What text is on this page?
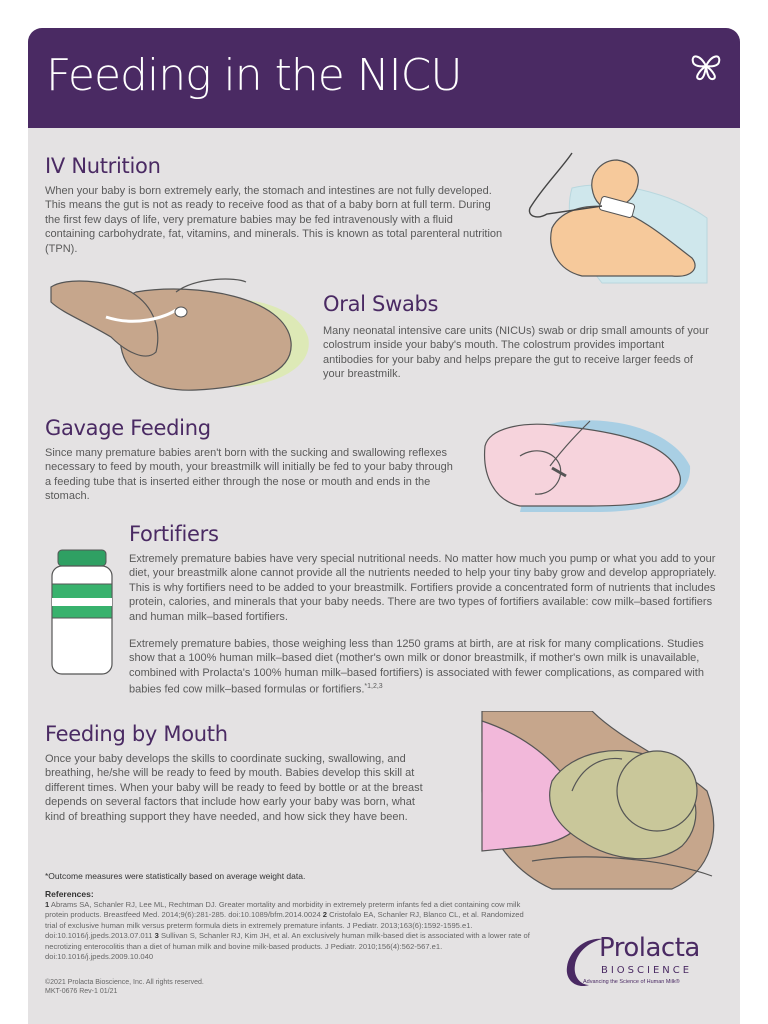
Feeding in the NICU
IV Nutrition
When your baby is born extremely early, the stomach and intestines are not fully developed. This means the gut is not as ready to receive food as that of a baby born at full term. During the first few days of life, very premature babies may be fed intravenously with a fluid containing carbohydrate, fat, vitamins, and minerals. This is known as total parenteral nutrition (TPN).
Oral Swabs
Many neonatal intensive care units (NICUs) swab or drip small amounts of your colostrum inside your baby's mouth. The colostrum provides important antibodies for your baby and helps prepare the gut to receive larger feeds of your breastmilk.
Gavage Feeding
Since many premature babies aren't born with the sucking and swallowing reflexes necessary to feed by mouth, your breastmilk will initially be fed to your baby through a feeding tube that is inserted either through the nose or mouth and ends in the stomach.
Fortifiers
Extremely premature babies have very special nutritional needs. No matter how much you pump or what you add to your diet, your breastmilk alone cannot provide all the nutrients needed to help your tiny baby grow and develop appropriately. This is why fortifiers need to be added to your breastmilk. Fortifiers provide a concentrated form of nutrients that includes protein, calories, and minerals that your baby needs. There are two types of fortifiers available: cow milk–based fortifiers and human milk–based fortifiers.
Extremely premature babies, those weighing less than 1250 grams at birth, are at risk for many complications. Studies show that a 100% human milk–based diet (mother's own milk or donor breastmilk, if mother's own milk is unavailable, combined with Prolacta's 100% human milk–based fortifiers) is associated with fewer complications, as compared with babies fed cow milk–based formulas or fortifiers.$^{*1,2,3}$
Feeding by Mouth
Once your baby develops the skills to coordinate sucking, swallowing, and breathing, he/she will be ready to feed by mouth. Babies develop this skill at different times. When your baby will be ready to feed by bottle or at the breast depends on several factors that include how early your baby was born, what kind of breathing support they have needed, and how sick they have been.
*Outcome measures were statistically based on average weight data.
References:
1 Abrams SA, Schanler RJ, Lee ML, Rechtman DJ. Greater mortality and morbidity in extremely preterm infants fed a diet containing cow milk protein products. Breastfeed Med. 2014;9(6):281-285. doi:10.1089/bfm.2014.0024 2 Cristofalo EA, Schanler RJ, Blanco CL, et al. Randomized trial of exclusive human milk versus preterm formula diets in extremely premature infants. J Pediatr. 2013;163(6):1592-1595.e1. doi:10.1016/j.jpeds.2013.07.011 3 Sullivan S, Schanler RJ, Kim JH, et al. An exclusively human milk-based diet is associated with a lower rate of necrotizing enterocolitis than a diet of human milk and bovine milk-based products. J Pediatr. 2010;156(4):562-567.e1. doi:10.1016/j.jpeds.2009.10.040
©2021 Prolacta Bioscience, Inc. All rights reserved.
MKT-0676 Rev-1 01/21
Prolacta
BIOSCIENCE
Advancing the Science of Human Milk®
